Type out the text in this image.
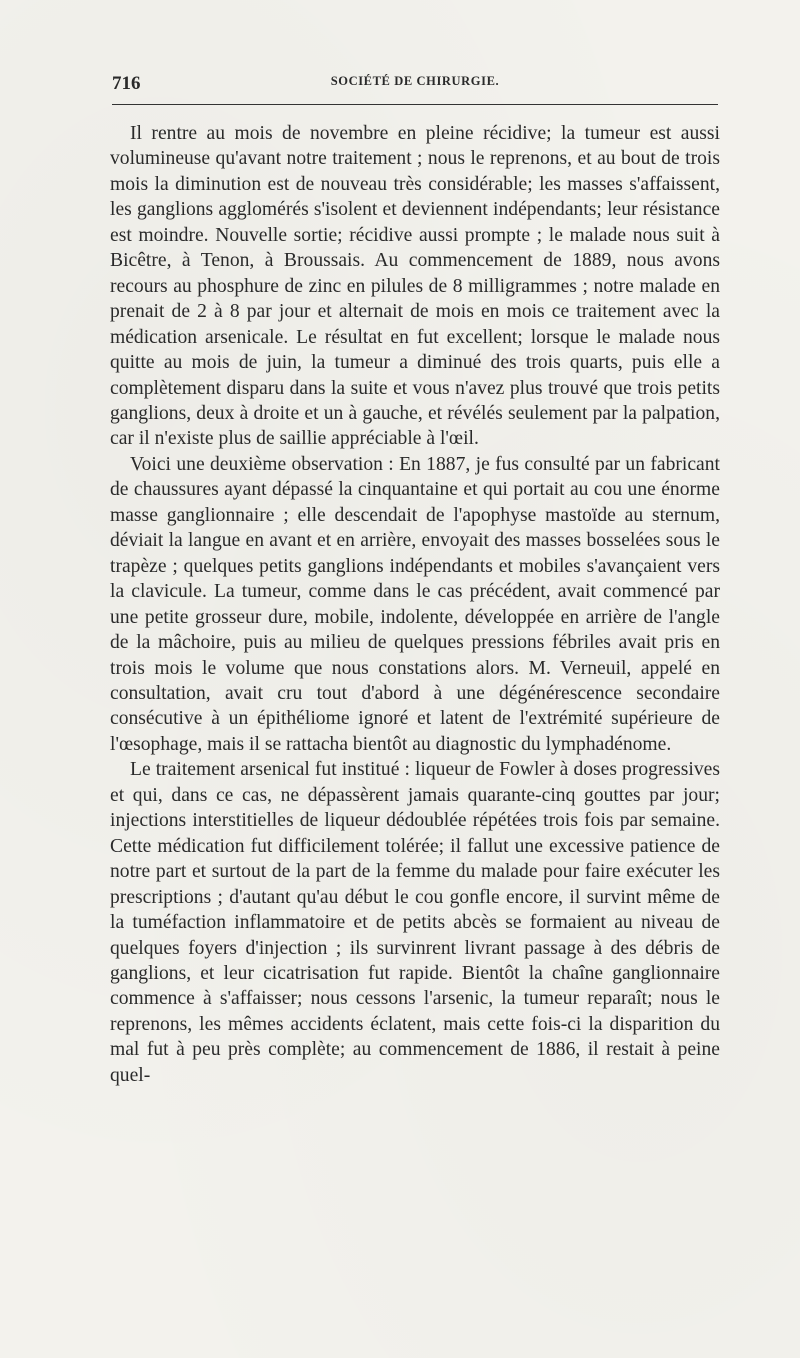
716	SOCIÉTÉ DE CHIRURGIE.

Il rentre au mois de novembre en pleine récidive; la tumeur est aussi volumineuse qu'avant notre traitement ; nous le reprenons, et au bout de trois mois la diminution est de nouveau très considérable; les masses s'affaissent, les ganglions agglomérés s'isolent et deviennent indépendants; leur résistance est moindre. Nouvelle sortie; récidive aussi prompte ; le malade nous suit à Bicêtre, à Tenon, à Broussais. Au commencement de 1889, nous avons recours au phosphure de zinc en pilules de 8 milligrammes ; notre malade en prenait de 2 à 8 par jour et alternait de mois en mois ce traitement avec la médication arsenicale. Le résultat en fut excellent; lorsque le malade nous quitte au mois de juin, la tumeur a diminué des trois quarts, puis elle a complètement disparu dans la suite et vous n'avez plus trouvé que trois petits ganglions, deux à droite et un à gauche, et révélés seulement par la palpation, car il n'existe plus de saillie appréciable à l'œil.

Voici une deuxième observation : En 1887, je fus consulté par un fabricant de chaussures ayant dépassé la cinquantaine et qui portait au cou une énorme masse ganglionnaire ; elle descendait de l'apophyse mastoïde au sternum, déviait la langue en avant et en arrière, envoyait des masses bosselées sous le trapèze ; quelques petits ganglions indépendants et mobiles s'avançaient vers la clavicule. La tumeur, comme dans le cas précédent, avait commencé par une petite grosseur dure, mobile, indolente, développée en arrière de l'angle de la mâchoire, puis au milieu de quelques pressions fébriles avait pris en trois mois le volume que nous constations alors. M. Verneuil, appelé en consultation, avait cru tout d'abord à une dégénérescence secondaire consécutive à un épithéliome ignoré et latent de l'extrémité supérieure de l'œsophage, mais il se rattacha bientôt au diagnostic du lymphadénome.

Le traitement arsenical fut institué : liqueur de Fowler à doses progressives et qui, dans ce cas, ne dépassèrent jamais quarante-cinq gouttes par jour; injections interstitielles de liqueur dédoublée répétées trois fois par semaine. Cette médication fut difficilement tolérée; il fallut une excessive patience de notre part et surtout de la part de la femme du malade pour faire exécuter les prescriptions ; d'autant qu'au début le cou gonfle encore, il survint même de la tuméfaction inflammatoire et de petits abcès se formaient au niveau de quelques foyers d'injection ; ils survinrent livrant passage à des débris de ganglions, et leur cicatrisation fut rapide. Bientôt la chaîne ganglionnaire commence à s'affaisser; nous cessons l'arsenic, la tumeur reparaît; nous le reprenons, les mêmes accidents éclatent, mais cette fois-ci la disparition du mal fut à peu près complète; au commencement de 1886, il restait à peine quel-
